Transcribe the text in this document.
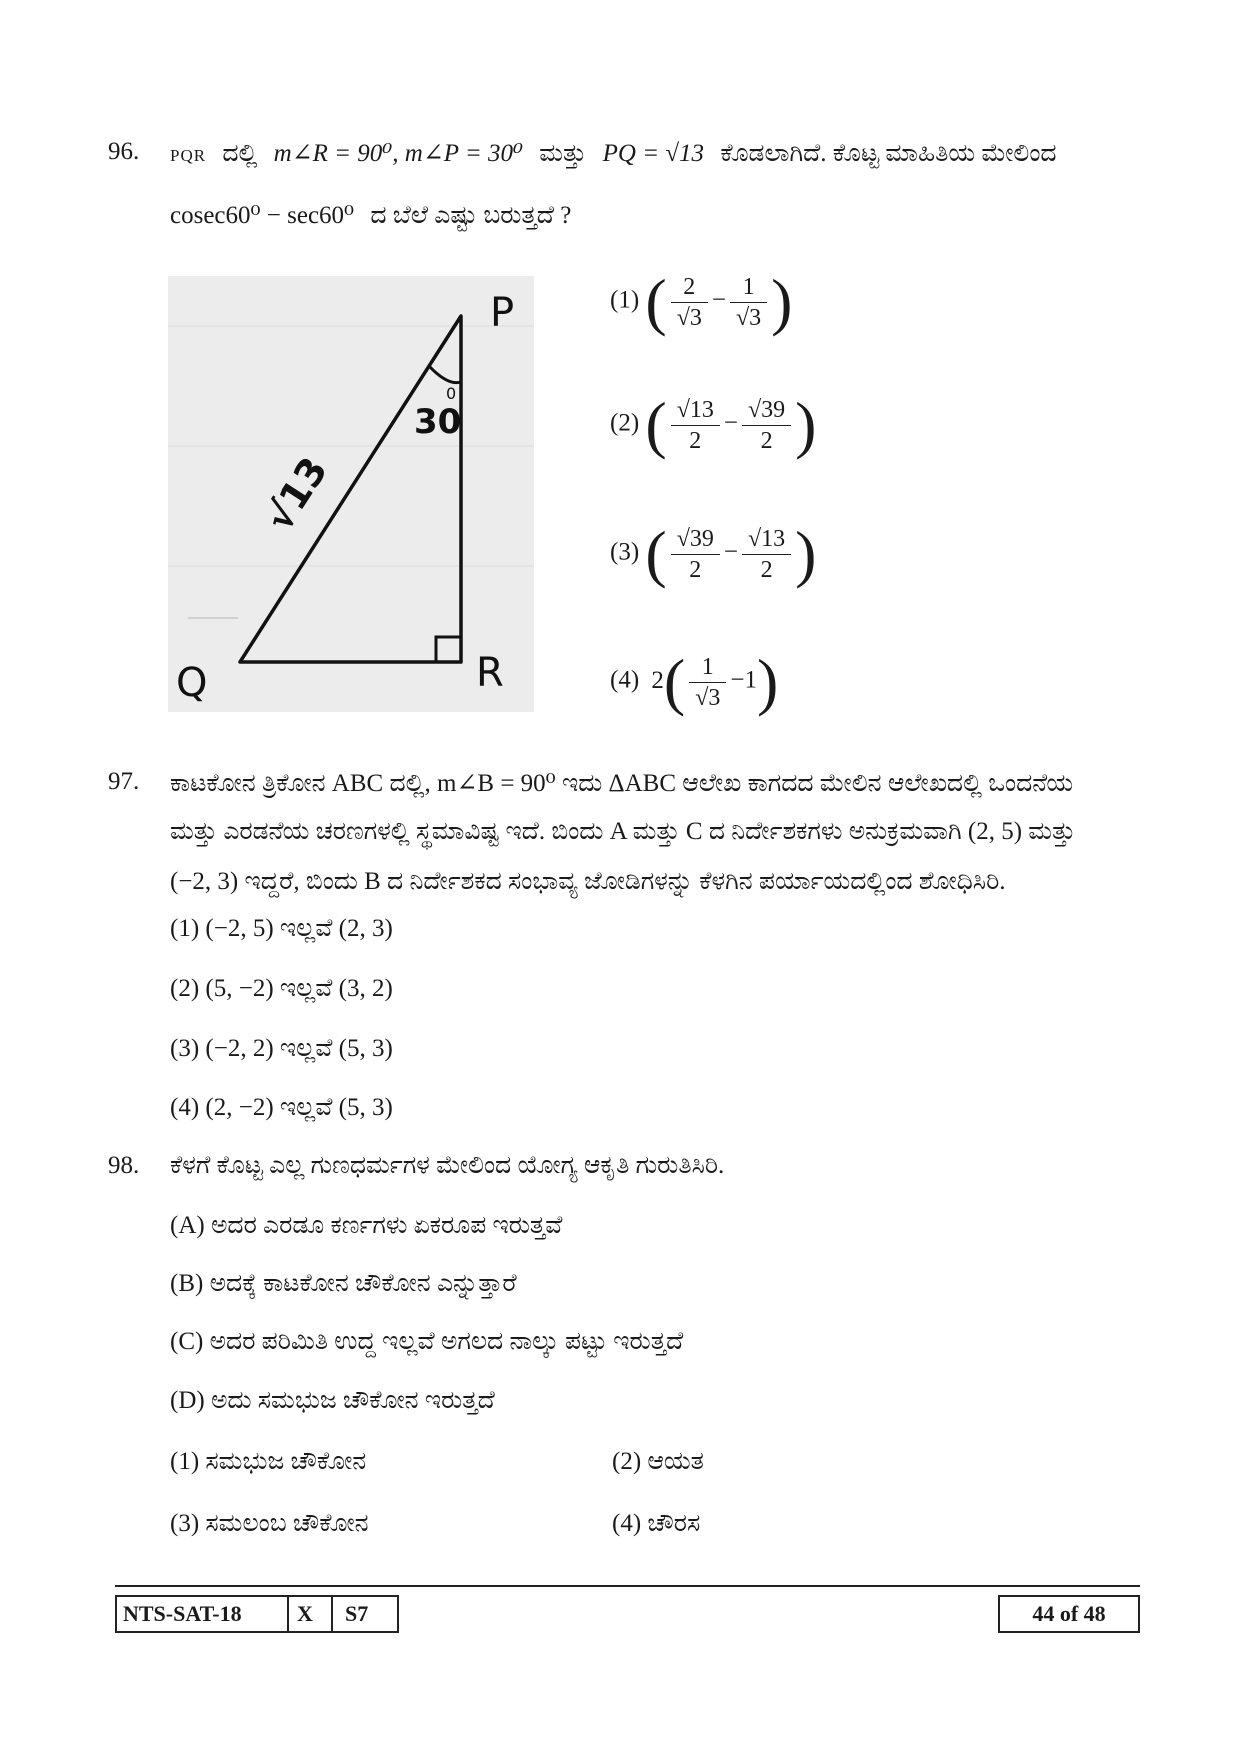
96. PQR ದಲ್ಲಿ m∠R = 90⁰, m∠P = 30⁰ ಮತ್ತು PQ = √13 ಕೊಡಲಾಗಿದೆ. ಕೊಟ್ಟ ಮಾಹಿತಿಯ ಮೇಲಿಂದ
cosec60⁰ − sec60⁰ ದ ಬೆಲೆ ಎಷ್ಟು ಬರುತ್ತದೆ ?
P
Q	R
30
0
√13
(1) ( $\frac{2}{√3} - \frac{1}{√3}$ )
(2) ( $\frac{√13}{2} - \frac{√39}{2}$ )
(3) ( $\frac{√39}{2} - \frac{√13}{2}$ )
(4) $2( \frac{1}{√3} -1)$
97. ಕಾಟಕೋನ ತ್ರಿಕೋನ ABC ದಲ್ಲಿ, m∠B = 90⁰ ಇದು ΔABC ಆಲೇಖ ಕಾಗದದ ಮೇಲಿನ ಆಲೇಖದಲ್ಲಿ ಒಂದನೆಯ
ಮತ್ತು ಎರಡನೆಯ ಚರಣಗಳಲ್ಲಿ ಸ್ಥಮಾವಿಷ್ಟ ಇದೆ. ಬಿಂದು A ಮತ್ತು C ದ ನಿರ್ದೇಶಕಗಳು ಅನುಕ್ರಮವಾಗಿ (2, 5) ಮತ್ತು
(−2, 3) ಇದ್ದರೆ, ಬಿಂದು B ದ ನಿರ್ದೇಶಕದ ಸಂಭಾವ್ಯ ಜೋಡಿಗಳನ್ನು ಕೆಳಗಿನ ಪರ್ಯಾಯದಲ್ಲಿಂದ ಶೋಧಿಸಿರಿ.
(1) (−2, 5) ಇಲ್ಲವೆ (2, 3)
(2) (5, −2) ಇಲ್ಲವೆ (3, 2)
(3) (−2, 2) ಇಲ್ಲವೆ (5, 3)
(4) (2, −2) ಇಲ್ಲವೆ (5, 3)
98. ಕೆಳಗೆ ಕೊಟ್ಟ ಎಲ್ಲ ಗುಣಧರ್ಮಗಳ ಮೇಲಿಂದ ಯೋಗ್ಯ ಆಕೃತಿ ಗುರುತಿಸಿರಿ.
(A) ಅದರ ಎರಡೂ ಕರ್ಣಗಳು ಏಕರೂಪ ಇರುತ್ತವೆ
(B) ಅದಕ್ಕೆ ಕಾಟಕೋನ ಚೌಕೋನ ಎನ್ನುತ್ತಾರೆ
(C) ಅದರ ಪರಿಮಿತಿ ಉದ್ದ ಇಲ್ಲವೆ ಅಗಲದ ನಾಲ್ಕು ಪಟ್ಟು ಇರುತ್ತದೆ
(D) ಅದು ಸಮಭುಜ ಚೌಕೋನ ಇರುತ್ತದೆ
(1) ಸಮಭುಜ ಚೌಕೋನ	(2) ಆಯತ
(3) ಸಮಲಂಬ ಚೌಕೋನ	(4) ಚೌರಸ
NTS-SAT-18	X	S7	44 of 48
